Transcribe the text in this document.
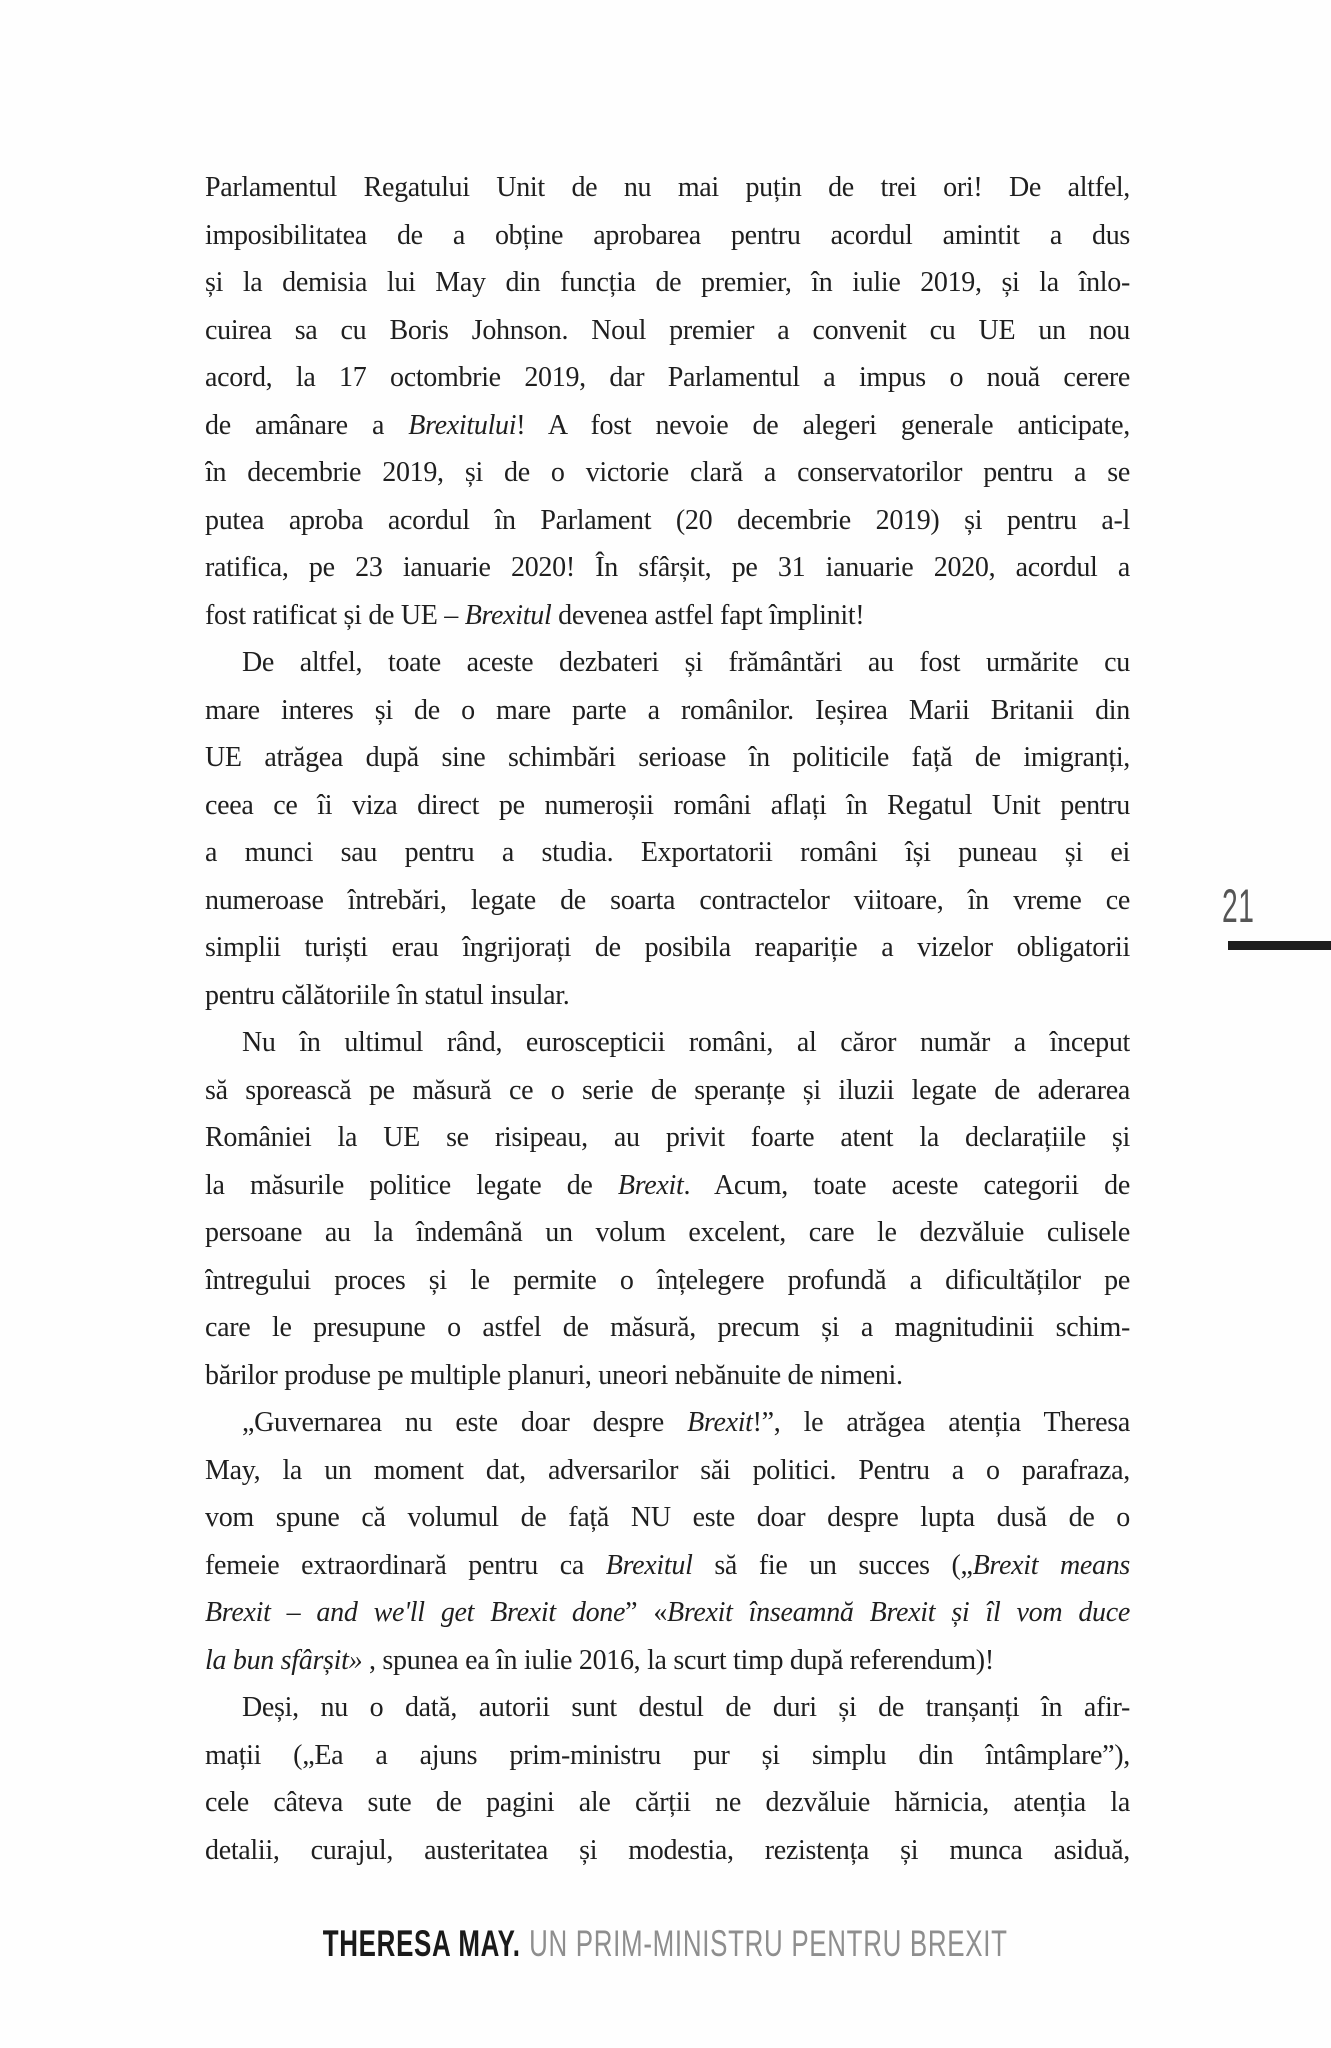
Parlamentul Regatului Unit de nu mai puțin de trei ori! De altfel,
imposibilitatea de a obține aprobarea pentru acordul amintit a dus
și la demisia lui May din funcția de premier, în iulie 2019, și la înlo-
cuirea sa cu Boris Johnson. Noul premier a convenit cu UE un nou
acord, la 17 octombrie 2019, dar Parlamentul a impus o nouă cerere
de amânare a Brexitului! A fost nevoie de alegeri generale anticipate,
în decembrie 2019, și de o victorie clară a conservatorilor pentru a se
putea aproba acordul în Parlament (20 decembrie 2019) și pentru a-l
ratifica, pe 23 ianuarie 2020! În sfârșit, pe 31 ianuarie 2020, acordul a
fost ratificat și de UE – Brexitul devenea astfel fapt împlinit!
De altfel, toate aceste dezbateri și frământări au fost urmărite cu
mare interes și de o mare parte a românilor. Ieșirea Marii Britanii din
UE atrăgea după sine schimbări serioase în politicile față de imigranți,
ceea ce îi viza direct pe numeroșii români aflați în Regatul Unit pentru
a munci sau pentru a studia. Exportatorii români își puneau și ei
numeroase întrebări, legate de soarta contractelor viitoare, în vreme ce
simplii turiști erau îngrijorați de posibila reapariție a vizelor obligatorii
pentru călătoriile în statul insular.
Nu în ultimul rând, euroscepticii români, al căror număr a început
să sporească pe măsură ce o serie de speranțe și iluzii legate de aderarea
României la UE se risipeau, au privit foarte atent la declarațiile și
la măsurile politice legate de Brexit. Acum, toate aceste categorii de
persoane au la îndemână un volum excelent, care le dezvăluie culisele
întregului proces și le permite o înțelegere profundă a dificultăților pe
care le presupune o astfel de măsură, precum și a magnitudinii schim-
bărilor produse pe multiple planuri, uneori nebănuite de nimeni.
„Guvernarea nu este doar despre Brexit!”, le atrăgea atenția Theresa
May, la un moment dat, adversarilor săi politici. Pentru a o parafraza,
vom spune că volumul de față NU este doar despre lupta dusă de o
femeie extraordinară pentru ca Brexitul să fie un succes („Brexit means
Brexit – and we'll get Brexit done” «Brexit înseamnă Brexit și îl vom duce
la bun sfârșit» , spunea ea în iulie 2016, la scurt timp după referendum)!
Deși, nu o dată, autorii sunt destul de duri și de tranșanți în afir-
mații („Ea a ajuns prim-ministru pur și simplu din întâmplare”),
cele câteva sute de pagini ale cărții ne dezvăluie hărnicia, atenția la
detalii, curajul, austeritatea și modestia, rezistența și munca asiduă,
21
THERESA MAY. UN PRIM-MINISTRU PENTRU BREXIT
